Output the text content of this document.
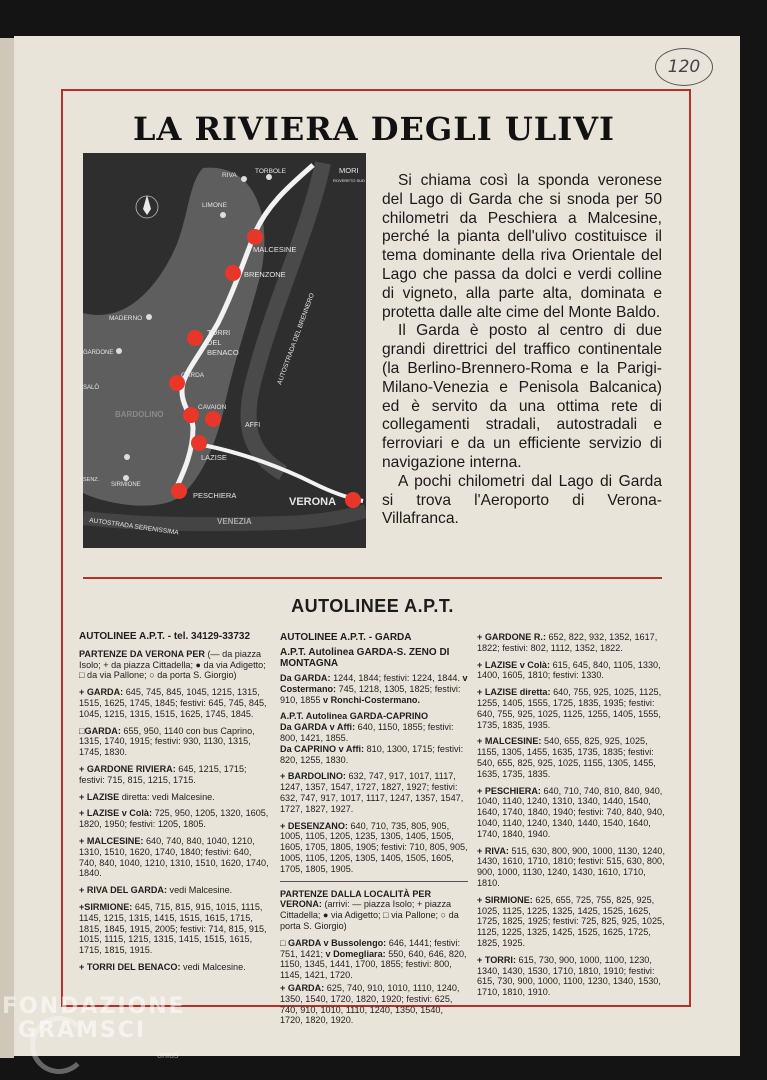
120
LA RIVIERA DEGLI ULIVI
RIVA
TORBOLE	MORI
ROVERETO SUD
LIMONE
MALCESINE
BRENZONE
MADERNO
TORRI
DEL
BENACO
GARDONE
SALÒ
GARDA
BARDOLINO
CAVAION
AFFI
LAZISE
SENZ.
SIRMIONE
PESCHIERA
VERONA
VENEZIA
AUTOSTRADA DEL BRENNERO
AUTOSTRADA SERENISSIMA

Si chiama così la sponda veronese del Lago di Garda che si snoda per 50 chilometri da Peschiera a Malcesine, perché la pianta dell'ulivo costituisce il tema dominante della riva Orientale del Lago che passa da dolci e verdi colline di vigneto, alla parte alta, dominata e protetta dalle alte cime del Monte Baldo.

Il Garda è posto al centro di due grandi direttrici del traffico continentale (la Berlino-Brennero-Roma e la Parigi-Milano-Venezia e Penisola Balcanica) ed è servito da una ottima rete di collegamenti stradali, autostradali e ferroviari e da un efficiente servizio di navigazione interna.

A pochi chilometri dal Lago di Garda si trova l'Aeroporto di Verona-Villafranca.

AUTOLINEE A.P.T.
AUTOLINEE A.P.T. - tel. 34129-33732

PARTENZE DA VERONA PER (— da piazza Isolo; + da piazza Cittadella; ● da via Adigetto; □ da via Pallone; ○ da porta S. Giorgio)

+ GARDA: 645, 745, 845, 1045, 1215, 1315, 1515, 1625, 1745, 1845; festivi: 645, 745, 845, 1045, 1215, 1315, 1515, 1625, 1745, 1845.

□GARDA: 655, 950, 1140 con bus Caprino, 1315, 1740, 1915; festivi: 930, 1130, 1315, 1745, 1830.

+ GARDONE RIVIERA: 645, 1215, 1715; festivi: 715, 815, 1215, 1715.

+ LAZISE diretta: vedi Malcesine.

+ LAZISE v Colà: 725, 950, 1205, 1320, 1605, 1820, 1950; festivi: 1205, 1805.

+ MALCESINE: 640, 740, 840, 1040, 1210, 1310, 1510, 1620, 1740, 1840; festivi: 640, 740, 840, 1040, 1210, 1310, 1510, 1620, 1740, 1840.

+ RIVA DEL GARDA: vedi Malcesine.

+SIRMIONE: 645, 715, 815, 915, 1015, 1115, 1145, 1215, 1315, 1415, 1515, 1615, 1715, 1815, 1845, 1915, 2005; festivi: 714, 815, 915, 1015, 1115, 1215, 1315, 1415, 1515, 1615, 1715, 1815, 1915.

+ TORRI DEL BENACO: vedi Malcesine.

AUTOLINEE A.P.T. - GARDA
A.P.T. Autolinea GARDA-S. ZENO DI MONTAGNA

Da GARDA: 1244, 1844; festivi: 1224, 1844. v Costermano: 745, 1218, 1305, 1825; festivi: 910, 1855 v Ronchi-Costermano.

A.P.T. Autolinea GARDA-CAPRINO
Da GARDA v Affi: 640, 1150, 1855; festivi: 800, 1421, 1855.
Da CAPRINO v Affi: 810, 1300, 1715; festivi: 820, 1255, 1830.

+ BARDOLINO: 632, 747, 917, 1017, 1117, 1247, 1357, 1547, 1727, 1827, 1927; festivi: 632, 747, 917, 1017, 1117, 1247, 1357, 1547, 1727, 1827, 1927.

+ DESENZANO: 640, 710, 735, 805, 905, 1005, 1105, 1205, 1235, 1305, 1405, 1505, 1605, 1705, 1805, 1905; festivi: 710, 805, 905, 1005, 1105, 1205, 1305, 1405, 1505, 1605, 1705, 1805, 1905.

PARTENZE DALLA LOCALITÀ PER VERONA: (arrivi: — piazza Isolo; + piazza Cittadella; ● via Adigetto; □ via Pallone; ○ da porta S. Giorgio)

□ GARDA v Bussolengo: 646, 1441; festivi: 751, 1421; v Domegliara: 550, 640, 646, 820, 1150, 1345, 1441, 1700, 1855; festivi: 800, 1145, 1421, 1720.

+ GARDA: 625, 740, 910, 1010, 1110, 1240, 1350, 1540, 1720, 1820, 1920; festivi: 625, 740, 910, 1010, 1110, 1240, 1350, 1540, 1720, 1820, 1920.

+ GARDONE R.: 652, 822, 932, 1352, 1617, 1822; festivi: 802, 1112, 1352, 1822.

+ LAZISE v Colà: 615, 645, 840, 1105, 1330, 1400, 1605, 1810; festivi: 1330.

+ LAZISE diretta: 640, 755, 925, 1025, 1125, 1255, 1405, 1555, 1725, 1835, 1935; festivi: 640, 755, 925, 1025, 1125, 1255, 1405, 1555, 1735, 1835, 1935.

+ MALCESINE: 540, 655, 825, 925, 1025, 1155, 1305, 1455, 1635, 1735, 1835; festivi: 540, 655, 825, 925, 1025, 1155, 1305, 1455, 1635, 1735, 1835.

+ PESCHIERA: 640, 710, 740, 810, 840, 940, 1040, 1140, 1240, 1310, 1340, 1440, 1540, 1640, 1740, 1840, 1940; festivi: 740, 840, 940, 1040, 1140, 1240, 1340, 1440, 1540, 1640, 1740, 1840, 1940.

+ RIVA: 515, 630, 800, 900, 1000, 1130, 1240, 1430, 1610, 1710, 1810; festivi: 515, 630, 800, 900, 1000, 1130, 1240, 1430, 1610, 1710, 1810.

+ SIRMIONE: 625, 655, 725, 755, 825, 925, 1025, 1125, 1225, 1325, 1425, 1525, 1625, 1725, 1825, 1925; festivi: 725, 825, 925, 1025, 1125, 1225, 1325, 1425, 1525, 1625, 1725, 1825, 1925.

+ TORRI: 615, 730, 900, 1000, 1100, 1230, 1340, 1430, 1530, 1710, 1810, 1910; festivi: 615, 730, 900, 1000, 1100, 1230, 1340, 1530, 1710, 1810, 1910.

FONDAZIONE
GRAMSCI
onlus
